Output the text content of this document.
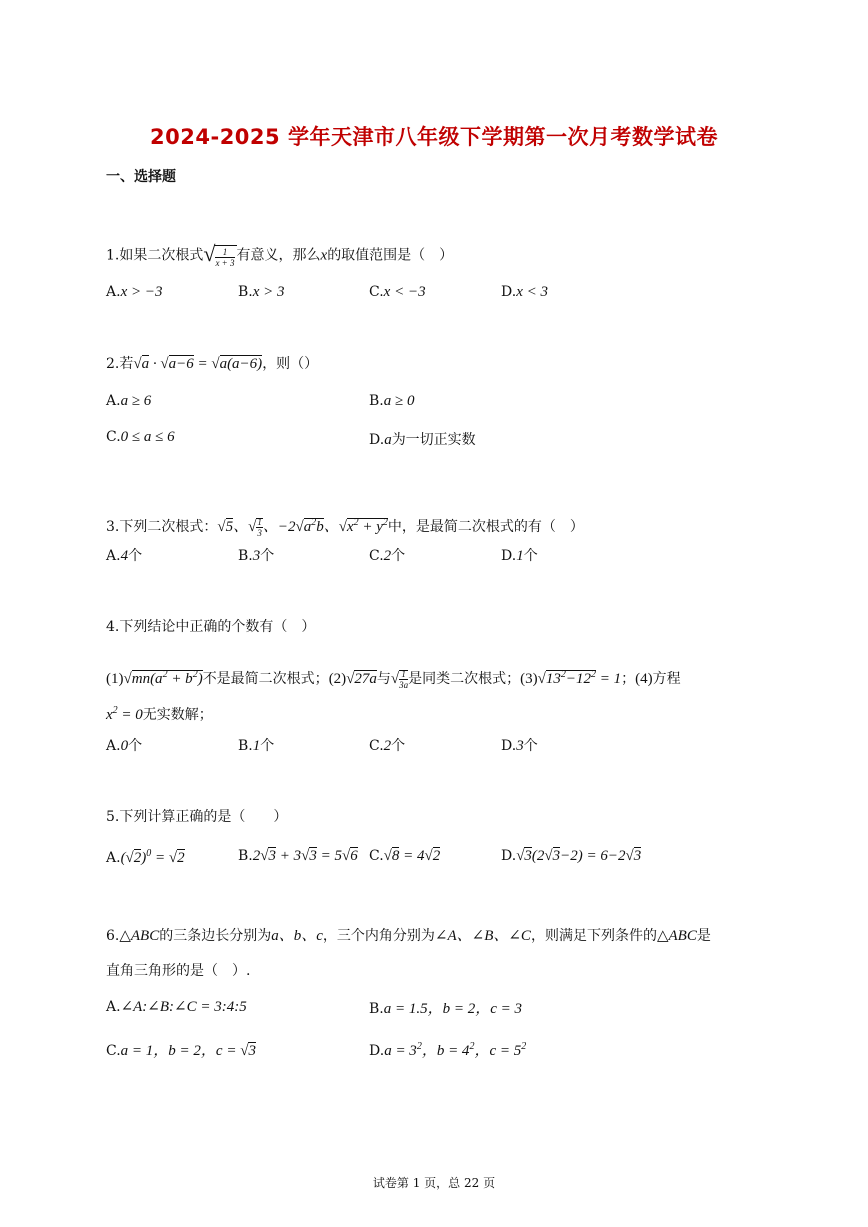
2024-2025 学年天津市八年级下学期第一次月考数学试卷
一、选择题
1.如果二次根式√ $\frac{1}{x + 3}$ 有意义，那么x的取值范围是（　）
A.x > −3	B.x > 3	C.x < −3	D.x < 3
2.若√a · √a−6 = √a(a−6)，则（）
A.a ≥ 6	B.a ≥ 0
C.0 ≤ a ≤ 6	D.a为一切正实数
3.下列二次根式：√5、√ $\frac{1}{3}$ 、$-2√a^2b$、$√x^2 + y^2$中，是最简二次根式的有（　）
A.4个	B.3个	C.2个	D.1个
4.下列结论中正确的个数有（　）
$(1)√mn(a^2 + b^2)$不是最简二次根式；(2)√27a与√ $\frac{1}{3a}$ 是同类二次根式；$(3)√13^2-12^2 = 1$；(4)方程
$x^2 = 0$无实数解；
A.0个	B.1个	C.2个	D.3个
5.下列计算正确的是（　　）
$A.(√2)^0 = √2$	B.2√3 + 3√3 = 5√6 C.√8 = 4√2	D.√3(2√3−2) = 6−2√3
6.△ABC的三条边长分别为a、b、c，三个内角分别为∠A、∠B、∠C，则满足下列条件的△ABC是
直角三角形的是（　）.
A.∠A:∠B:∠C = 3:4:5	B.a = 1.5，b = 2，c = 3
C.a = 1，b = 2，c = √3	$D.a = 3^2$，$b = 4^2$，$c = 5^2$
试卷第 1 页，总 22 页
